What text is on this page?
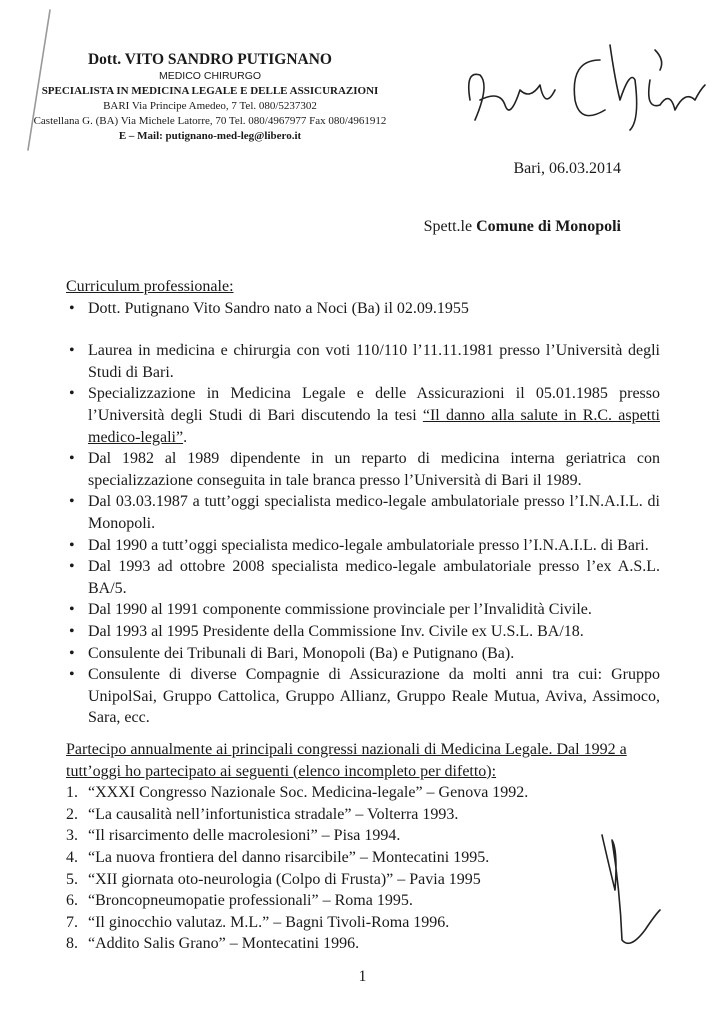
Dott. VITO SANDRO PUTIGNANO
MEDICO CHIRURGO
SPECIALISTA IN MEDICINA LEGALE E DELLE ASSICURAZIONI
BARI Via Principe Amedeo, 7 Tel. 080/5237302
Castellana G. (BA) Via Michele Latorre, 70 Tel. 080/4967977 Fax 080/4961912
E – Mail: putignano-med-leg@libero.it
Bari, 06.03.2014
Spett.le Comune di Monopoli
Curriculum professionale:
• Dott. Putignano Vito Sandro nato a Noci (Ba) il 02.09.1955
• Laurea in medicina e chirurgia con voti 110/110 l’11.11.1981 presso l’Università degli Studi di Bari.
• Specializzazione in Medicina Legale e delle Assicurazioni il 05.01.1985 presso l’Università degli Studi di Bari discutendo la tesi “Il danno alla salute in R.C. aspetti medico-legali”.
• Dal 1982 al 1989 dipendente in un reparto di medicina interna geriatrica con specializzazione conseguita in tale branca presso l’Università di Bari il 1989.
• Dal 03.03.1987 a tutt’oggi specialista medico-legale ambulatoriale presso l’I.N.A.I.L. di Monopoli.
• Dal 1990 a tutt’oggi specialista medico-legale ambulatoriale presso l’I.N.A.I.L. di Bari.
• Dal 1993 ad ottobre 2008 specialista medico-legale ambulatoriale presso l’ex A.S.L. BA/5.
• Dal 1990 al 1991 componente commissione provinciale per l’Invalidità Civile.
• Dal 1993 al 1995 Presidente della Commissione Inv. Civile ex U.S.L. BA/18.
• Consulente dei Tribunali di Bari, Monopoli (Ba) e Putignano (Ba).
• Consulente di diverse Compagnie di Assicurazione da molti anni tra cui: Gruppo UnipolSai, Gruppo Cattolica, Gruppo Allianz, Gruppo Reale Mutua, Aviva, Assimoco, Sara, ecc.
Partecipo annualmente ai principali congressi nazionali di Medicina Legale. Dal 1992 a tutt’oggi ho partecipato ai seguenti (elenco incompleto per difetto):
1. “XXXI Congresso Nazionale Soc. Medicina-legale” – Genova 1992.
2. “La causalità nell’infortunistica stradale” – Volterra 1993.
3. “Il risarcimento delle macrolesioni” – Pisa 1994.
4. “La nuova frontiera del danno risarcibile” – Montecatini 1995.
5. “XII giornata oto-neurologia (Colpo di Frusta)” – Pavia 1995
6. “Broncopneumopatie professionali” – Roma 1995.
7. “Il ginocchio valutaz. M.L.” – Bagni Tivoli-Roma 1996.
8. “Addito Salis Grano” – Montecatini 1996.
1
